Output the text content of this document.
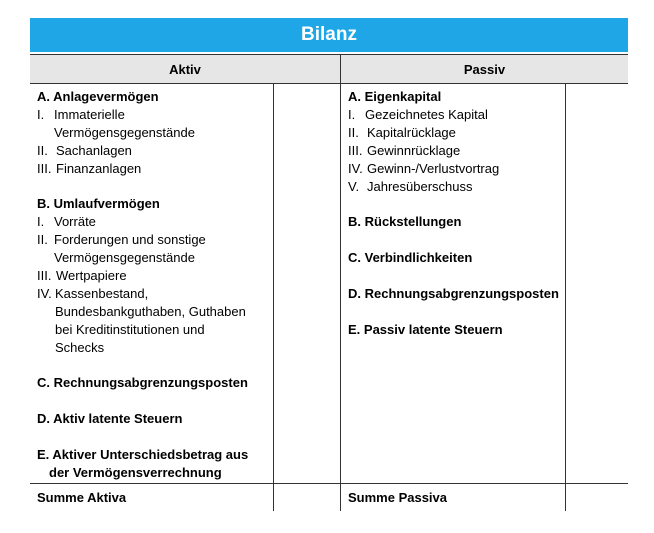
Bilanz
Aktiv	Passiv
A. Anlagevermögen
I. Immaterielle
Vermögensgegenstände
II. Sachanlagen
III. Finanzanlagen
B. Umlaufvermögen
I. Vorräte
II. Forderungen und sonstige
Vermögensgegenstände
III. Wertpapiere
IV. Kassenbestand,
Bundesbankguthaben, Guthaben
bei Kreditinstitutionen und
Schecks
C. Rechnungsabgrenzungsposten
D. Aktiv latente Steuern
E. Aktiver Unterschiedsbetrag aus
der Vermögensverrechnung
Summe Aktiva
A. Eigenkapital
I. Gezeichnetes Kapital
II. Kapitalrücklage
III. Gewinnrücklage
IV. Gewinn-/Verlustvortrag
V. Jahresüberschuss
B. Rückstellungen
C. Verbindlichkeiten
D. Rechnungsabgrenzungsposten
E. Passiv latente Steuern
Summe Passiva
